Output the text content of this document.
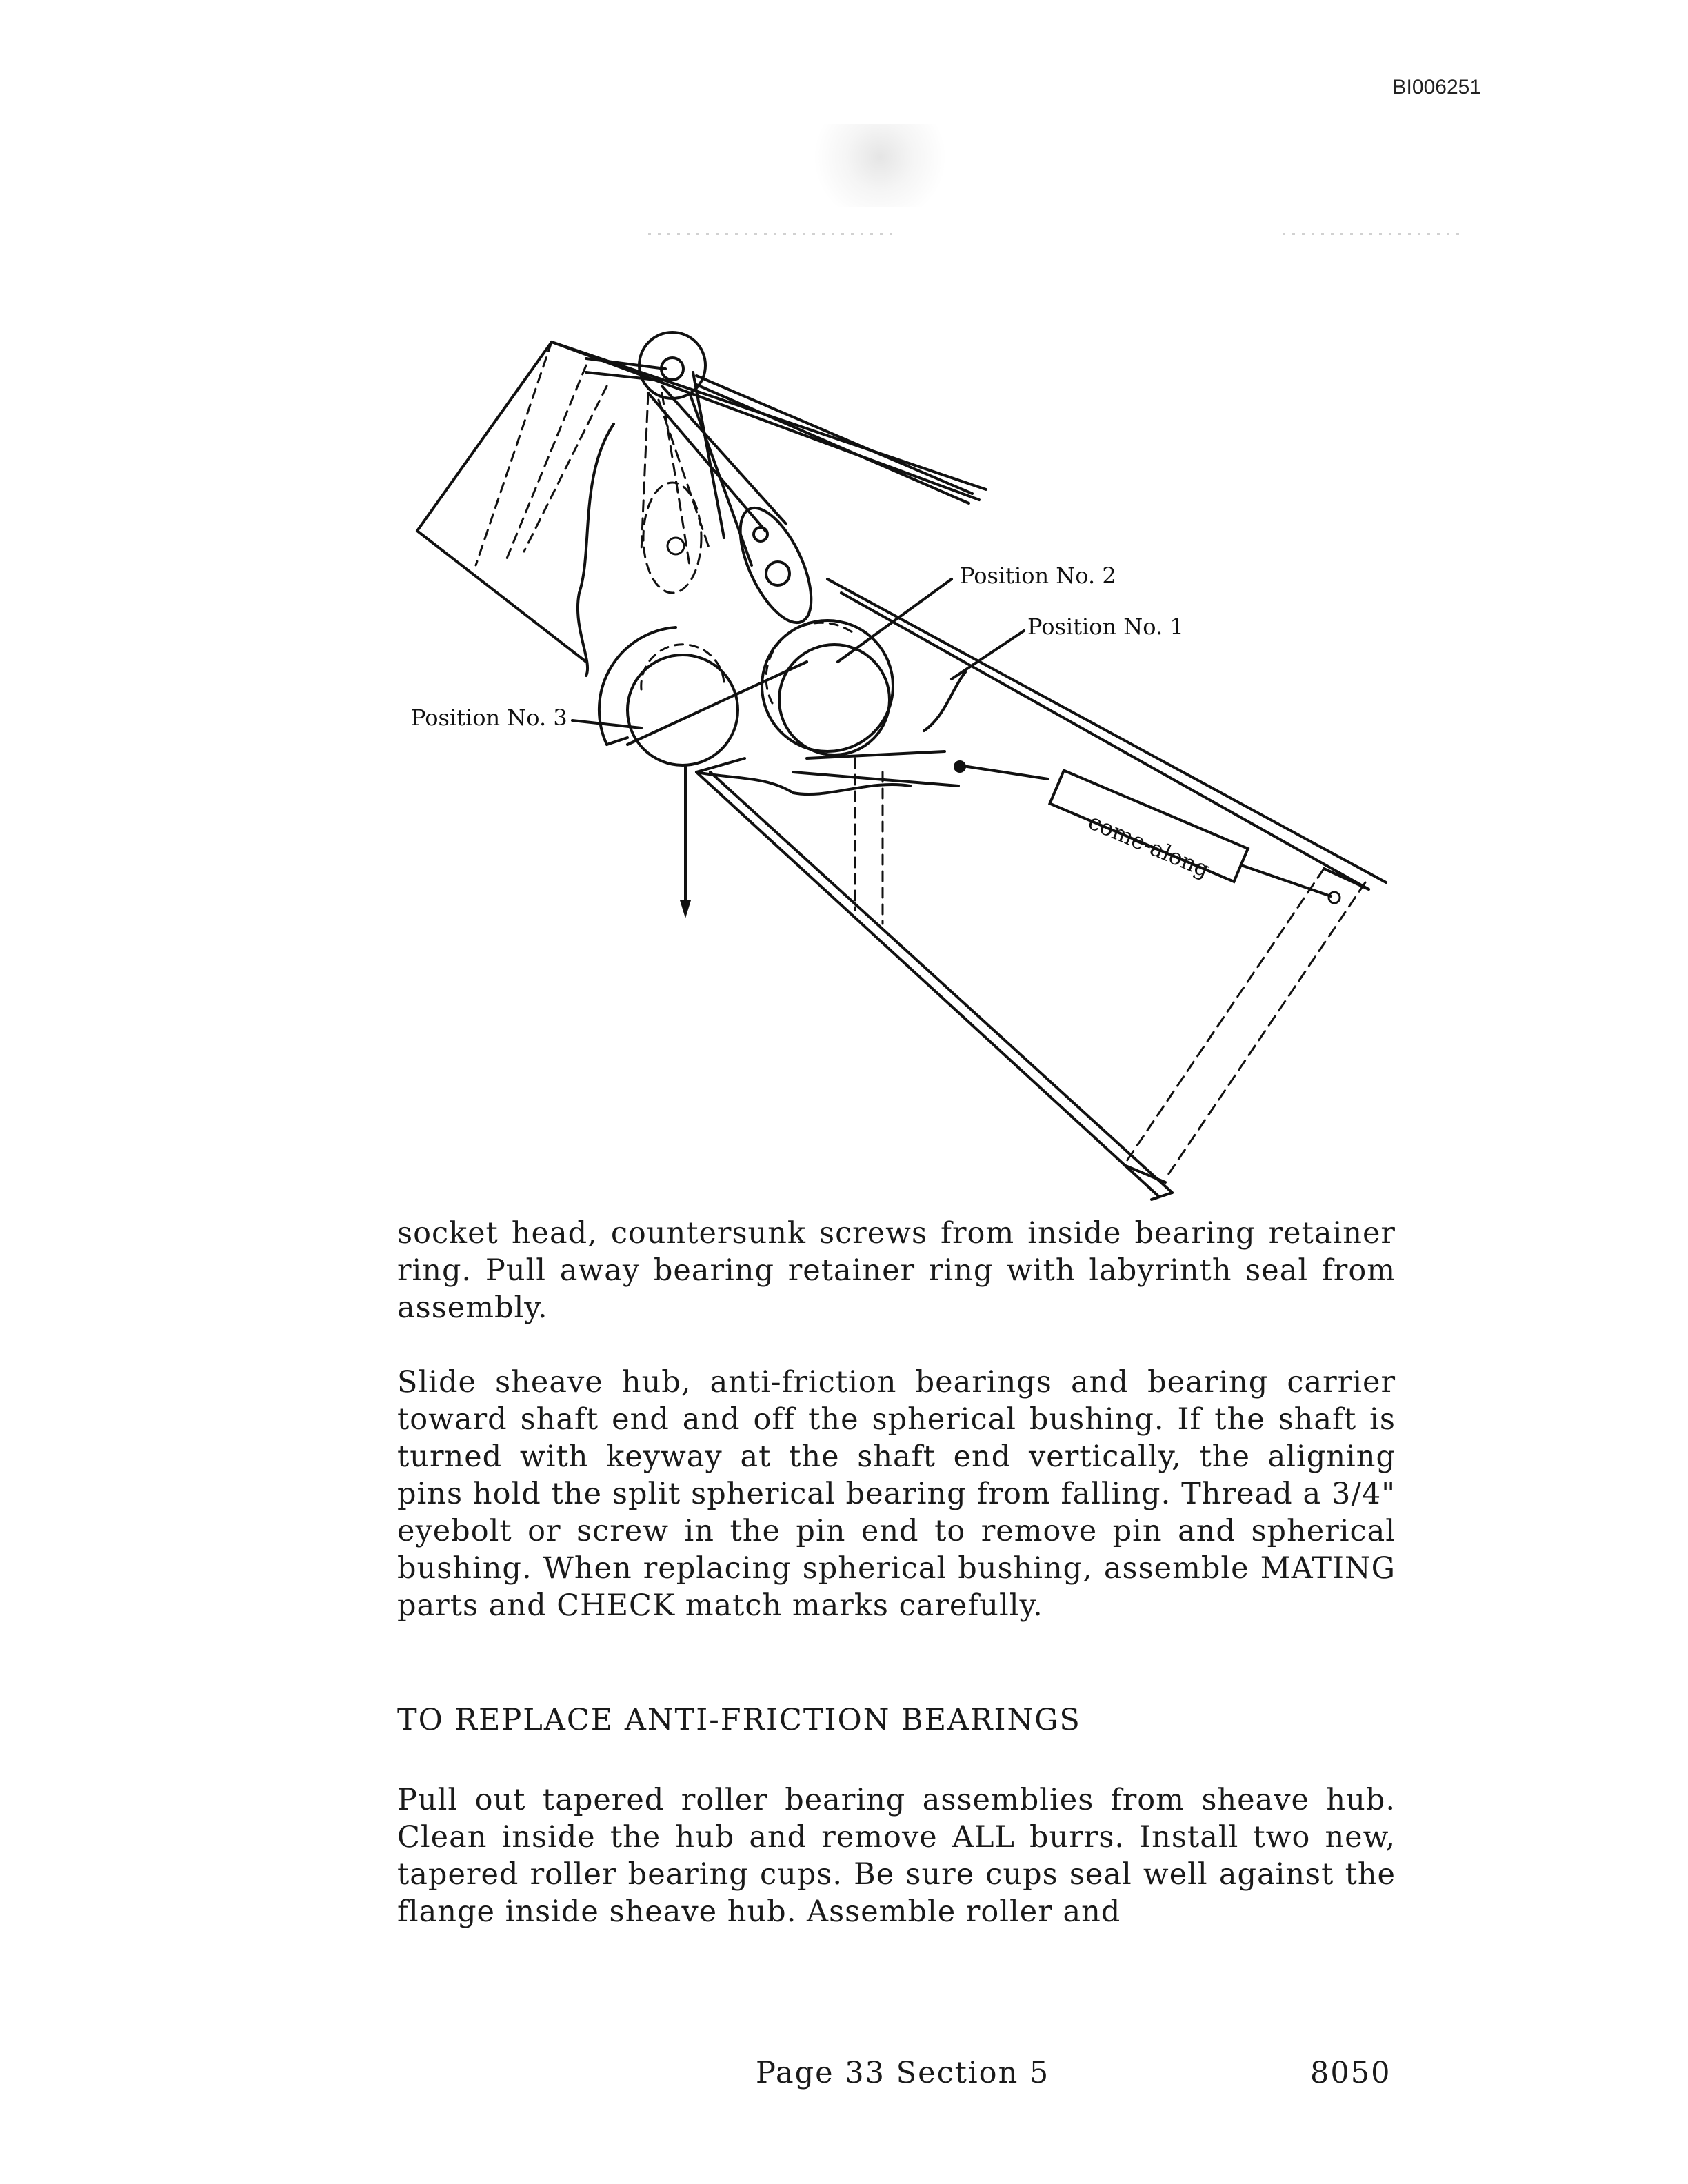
BI006251
Position No. 2
Position No. 1
Position No. 3
come-along
socket head, countersunk screws from inside bearing retainer ring. Pull away bearing retainer ring with labyrinth seal from assembly.
Slide sheave hub, anti-friction bearings and bearing carrier toward shaft end and off the spherical bushing. If the shaft is turned with keyway at the shaft end vertically, the aligning pins hold the split spherical bearing from falling. Thread a 3/4" eyebolt or screw in the pin end to remove pin and spherical bushing. When replacing spherical bushing, assemble MATING parts and CHECK match marks carefully.
TO REPLACE ANTI-FRICTION BEARINGS
Pull out tapered roller bearing assemblies from sheave hub. Clean inside the hub and remove ALL burrs. Install two new, tapered roller bearing cups. Be sure cups seal well against the flange inside sheave hub. Assemble roller and
Page 33 Section 5	8050
